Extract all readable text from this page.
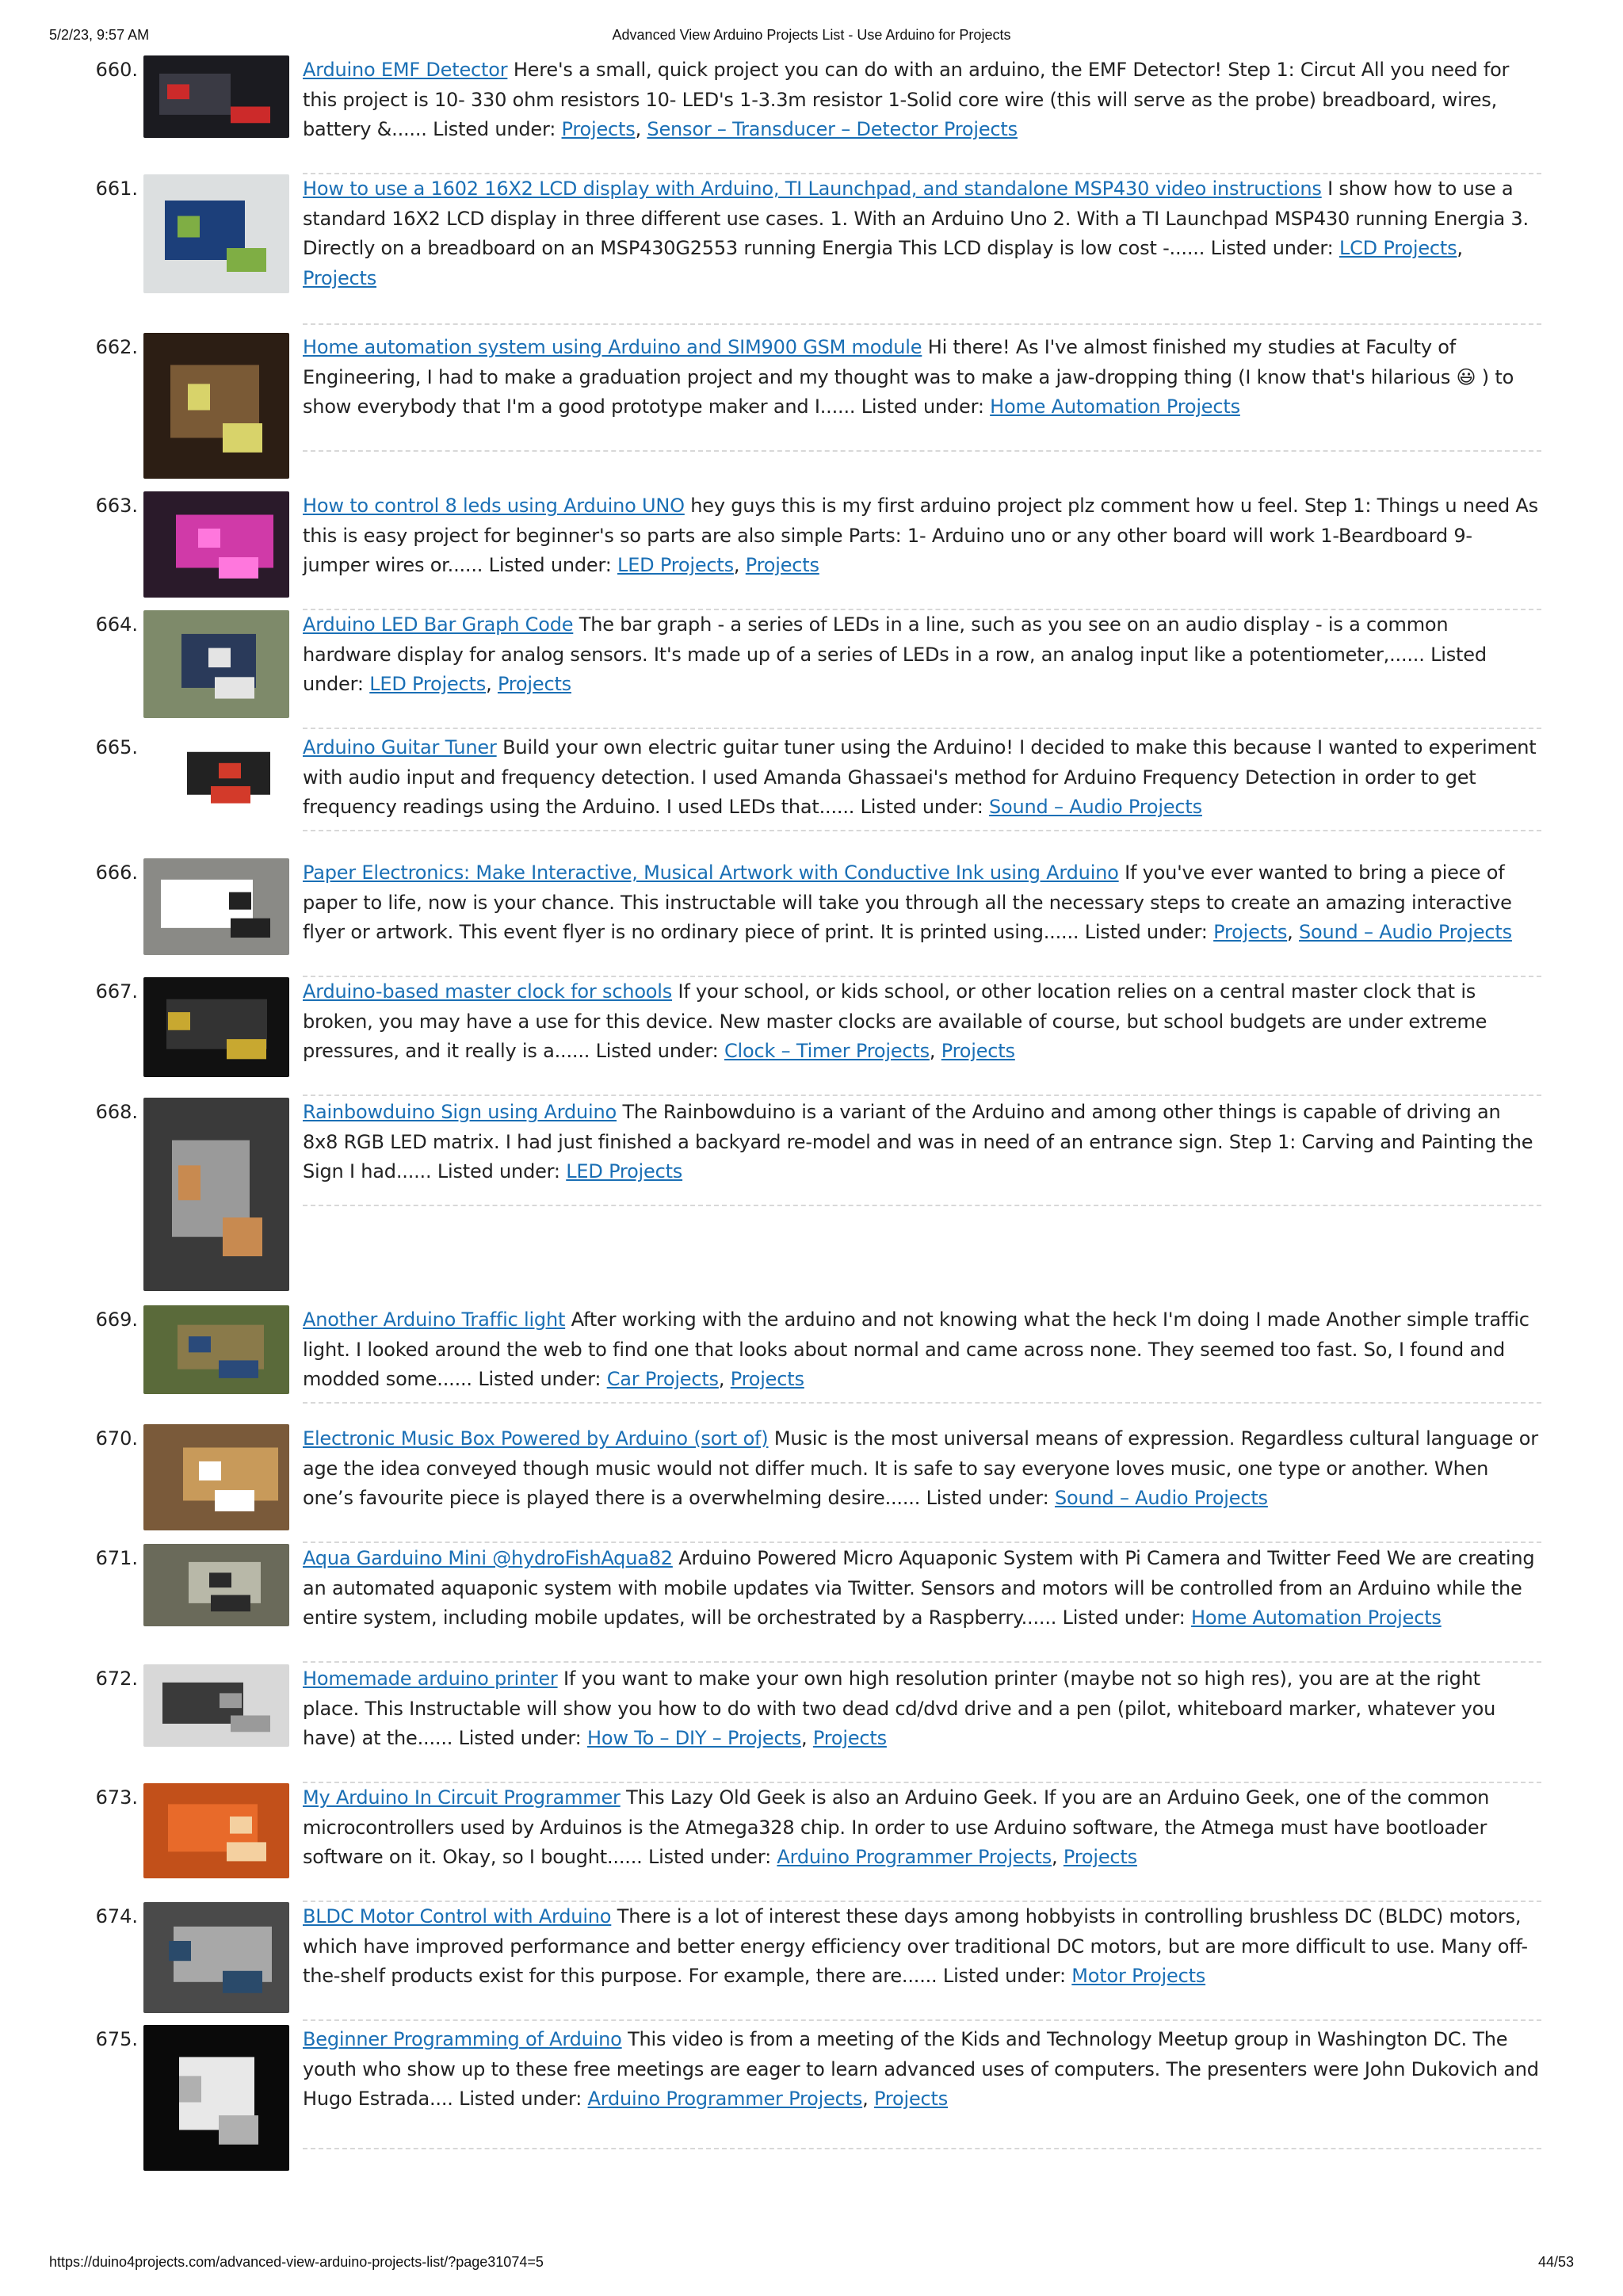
5/2/23, 9:57 AM	Advanced View Arduino Projects List - Use Arduino for Projects
660.	Arduino EMF Detector Here's a small, quick project you can do with an arduino, the EMF Detector! Step 1: Circut All you need for this project is 10- 330 ohm resistors 10- LED's 1-3.3m resistor 1-Solid core wire (this will serve as the probe) breadboard, wires, battery &...... Listed under: Projects, Sensor – Transducer – Detector Projects
661.	How to use a 1602 16X2 LCD display with Arduino, TI Launchpad, and standalone MSP430 video instructions I show how to use a standard 16X2 LCD display in three different use cases. 1. With an Arduino Uno 2. With a TI Launchpad MSP430 running Energia 3. Directly on a breadboard on an MSP430G2553 running Energia This LCD display is low cost -...... Listed under: LCD Projects, Projects
662.	Home automation system using Arduino and SIM900 GSM module Hi there! As I've almost finished my studies at Faculty of Engineering, I had to make a graduation project and my thought was to make a jaw-dropping thing (I know that's hilarious 😃 ) to show everybody that I'm a good prototype maker and I...... Listed under: Home Automation Projects
663.	How to control 8 leds using Arduino UNO hey guys this is my first arduino project plz comment how u feel. Step 1: Things u need As this is easy project for beginner's so parts are also simple Parts: 1- Arduino uno or any other board will work 1-Beardboard 9- jumper wires or...... Listed under: LED Projects, Projects
664.	Arduino LED Bar Graph Code The bar graph - a series of LEDs in a line, such as you see on an audio display - is a common hardware display for analog sensors. It's made up of a series of LEDs in a row, an analog input like a potentiometer,...... Listed under: LED Projects, Projects
665.	Arduino Guitar Tuner Build your own electric guitar tuner using the Arduino! I decided to make this because I wanted to experiment with audio input and frequency detection. I used Amanda Ghassaei's method for Arduino Frequency Detection in order to get frequency readings using the Arduino. I used LEDs that...... Listed under: Sound – Audio Projects
666.	Paper Electronics: Make Interactive, Musical Artwork with Conductive Ink using Arduino If you've ever wanted to bring a piece of paper to life, now is your chance. This instructable will take you through all the necessary steps to create an amazing interactive flyer or artwork. This event flyer is no ordinary piece of print. It is printed using...... Listed under: Projects, Sound – Audio Projects
667.	Arduino-based master clock for schools If your school, or kids school, or other location relies on a central master clock that is broken, you may have a use for this device. New master clocks are available of course, but school budgets are under extreme pressures, and it really is a...... Listed under: Clock – Timer Projects, Projects
668.	Rainbowduino Sign using Arduino The Rainbowduino is a variant of the Arduino and among other things is capable of driving an 8x8 RGB LED matrix. I had just finished a backyard re-model and was in need of an entrance sign. Step 1: Carving and Painting the Sign I had...... Listed under: LED Projects
669.	Another Arduino Traffic light After working with the arduino and not knowing what the heck I'm doing I made Another simple traffic light. I looked around the web to find one that looks about normal and came across none. They seemed too fast. So, I found and modded some...... Listed under: Car Projects, Projects
670.	Electronic Music Box Powered by Arduino (sort of) Music is the most universal means of expression. Regardless cultural language or age the idea conveyed though music would not differ much. It is safe to say everyone loves music, one type or another. When one’s favourite piece is played there is a overwhelming desire...... Listed under: Sound – Audio Projects
671.	Aqua Garduino Mini @hydroFishAqua82 Arduino Powered Micro Aquaponic System with Pi Camera and Twitter Feed We are creating an automated aquaponic system with mobile updates via Twitter. Sensors and motors will be controlled from an Arduino while the entire system, including mobile updates, will be orchestrated by a Raspberry...... Listed under: Home Automation Projects
672.	Homemade arduino printer If you want to make your own high resolution printer (maybe not so high res), you are at the right place. This Instructable will show you how to do with two dead cd/dvd drive and a pen (pilot, whiteboard marker, whatever you have) at the...... Listed under: How To – DIY – Projects, Projects
673.	My Arduino In Circuit Programmer This Lazy Old Geek is also an Arduino Geek. If you are an Arduino Geek, one of the common microcontrollers used by Arduinos is the Atmega328 chip. In order to use Arduino software, the Atmega must have bootloader software on it. Okay, so I bought...... Listed under: Arduino Programmer Projects, Projects
674.	BLDC Motor Control with Arduino There is a lot of interest these days among hobbyists in controlling brushless DC (BLDC) motors, which have improved performance and better energy efficiency over traditional DC motors, but are more difficult to use. Many off-the-shelf products exist for this purpose. For example, there are...... Listed under: Motor Projects
675.	Beginner Programming of Arduino This video is from a meeting of the Kids and Technology Meetup group in Washington DC. The youth who show up to these free meetings are eager to learn advanced uses of computers. The presenters were John Dukovich and Hugo Estrada.... Listed under: Arduino Programmer Projects, Projects
https://duino4projects.com/advanced-view-arduino-projects-list/?page31074=5	44/53
